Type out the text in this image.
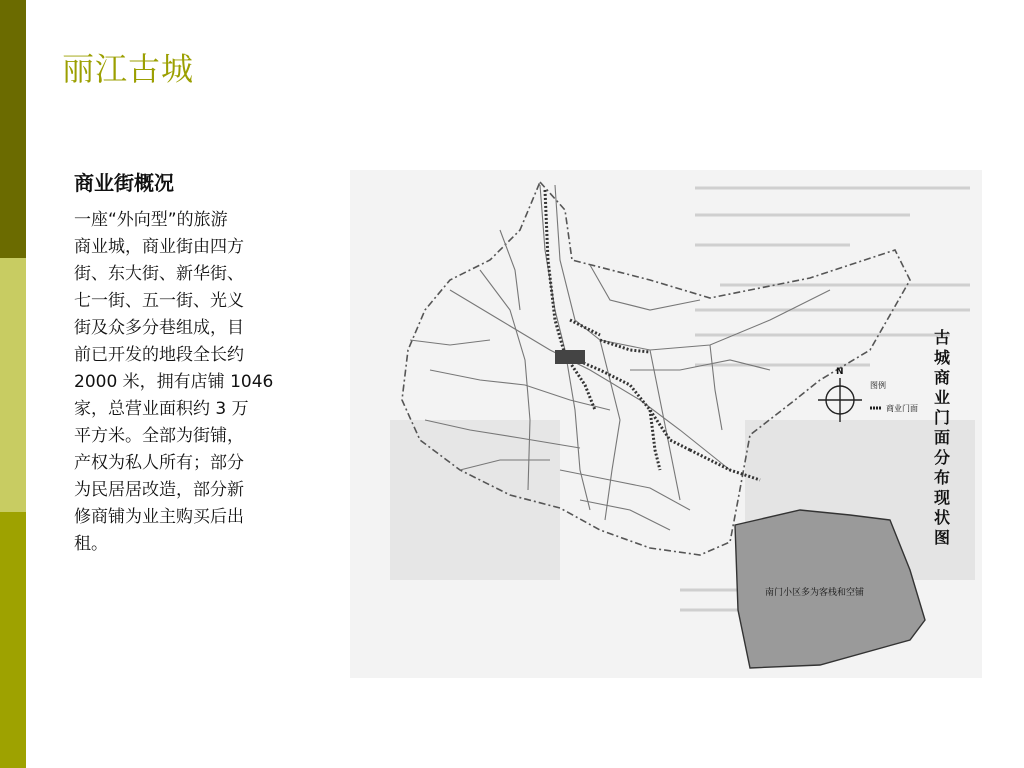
丽江古城
商业街概况
一座“外向型”的旅游
商业城，商业街由四方
街、东大街、新华街、
七一街、五一街、光义
街及众多分巷组成，目
前已开发的地段全长约
2000 米，拥有店铺 1046
家，总营业面积约 3 万
平方米。全部为街铺，
产权为私人所有；部分
为民居居改造，部分新
修商铺为业主购买后出
租。
南门小区多为客栈和空铺
N
图例
商业门面
古城商业门面分布现状图
